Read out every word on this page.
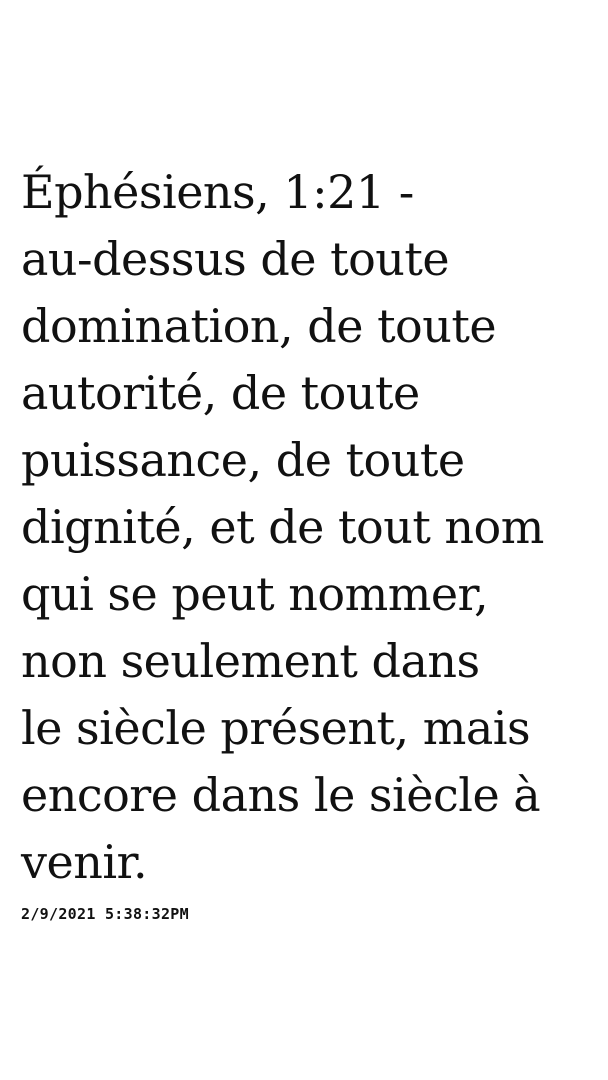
Éphésiens, 1:21 -
au-dessus de toute
domination, de toute
autorité, de toute
puissance, de toute
dignité, et de tout nom
qui se peut nommer,
non seulement dans
le siècle présent, mais
encore dans le siècle à
venir.
2/9/2021 5:38:32PM
